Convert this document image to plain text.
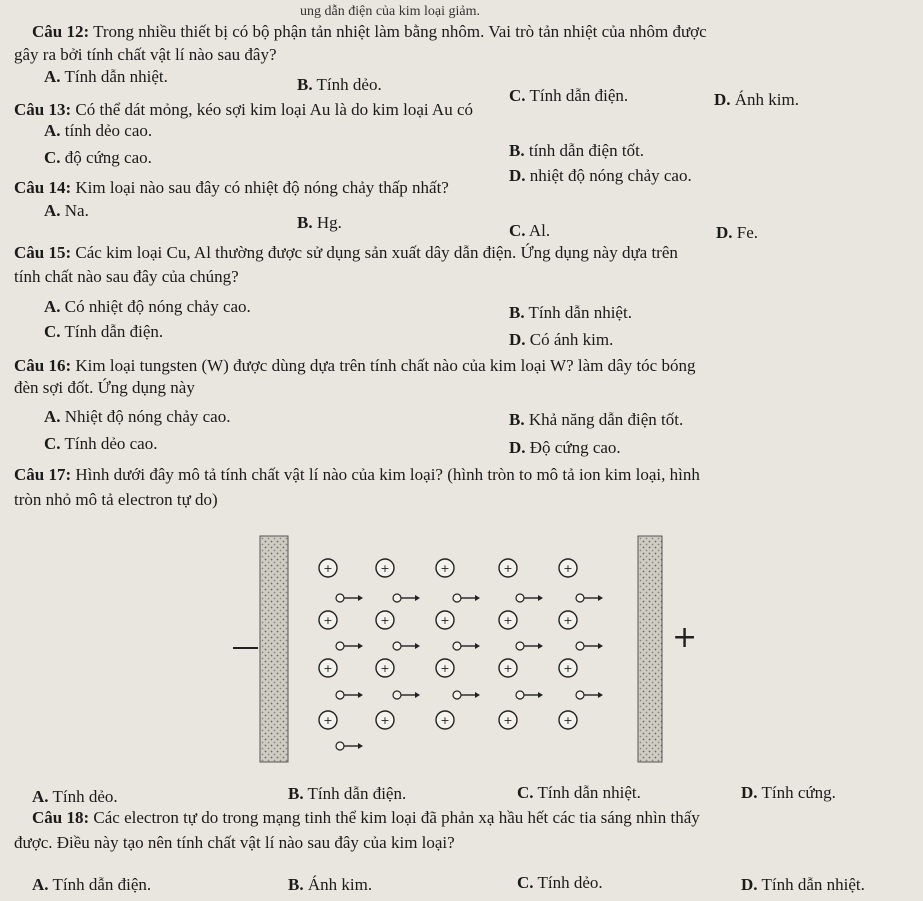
ung dẫn điện của kim loại giảm.
Câu 12: Trong nhiều thiết bị có bộ phận tản nhiệt làm bằng nhôm. Vai trò tản nhiệt của nhôm được
gây ra bởi tính chất vật lí nào sau đây?
A. Tính dẫn nhiệt.	B. Tính dẻo.
C. Tính dẫn điện.	D. Ánh kim.
Câu 13: Có thể dát mỏng, kéo sợi kim loại Au là do kim loại Au có
A. tính dẻo cao.
B. tính dẫn điện tốt.
C. độ cứng cao.
D. nhiệt độ nóng chảy cao.
Câu 14: Kim loại nào sau đây có nhiệt độ nóng chảy thấp nhất?
A. Na.
B. Hg.	C. Al.	D. Fe.
Câu 15: Các kim loại Cu, Al thường được sử dụng sản xuất dây dẫn điện. Ứng dụng này dựa trên
tính chất nào sau đây của chúng?
A. Có nhiệt độ nóng chảy cao.	B. Tính dẫn nhiệt.
C. Tính dẫn điện.	D. Có ánh kim.
Câu 16: Kim loại tungsten (W) được dùng dựa trên tính chất nào của kim loại W? làm dây tóc bóng
đèn sợi đốt. Ứng dụng này
A. Nhiệt độ nóng chảy cao.	B. Khả năng dẫn điện tốt.
C. Tính dẻo cao.	D. Độ cứng cao.
Câu 17: Hình dưới đây mô tả tính chất vật lí nào của kim loại? (hình tròn to mô tả ion kim loại, hình
tròn nhỏ mô tả electron tự do)
+
+	+	+	+	+
+	+	+	+	+
+	+	+	+	+
+	+	+	+	+
A. Tính dẻo.	B. Tính dẫn điện.	C. Tính dẫn nhiệt.	D. Tính cứng.
Câu 18: Các electron tự do trong mạng tinh thể kim loại đã phản xạ hầu hết các tia sáng nhìn thấy
được. Điều này tạo nên tính chất vật lí nào sau đây của kim loại?
A. Tính dẫn điện.	B. Ánh kim.	C. Tính dẻo.	D. Tính dẫn nhiệt.
